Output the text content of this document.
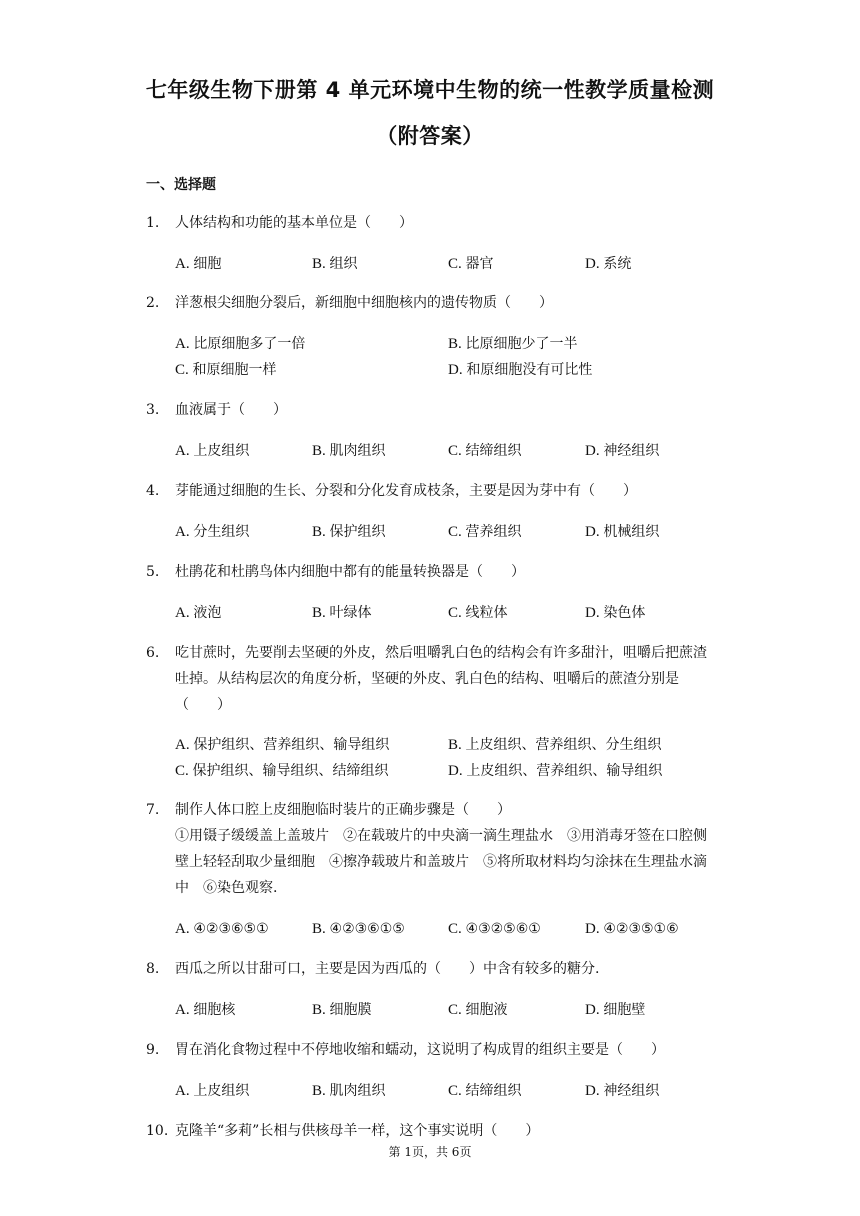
七年级生物下册第 4 单元环境中生物的统一性教学质量检测
（附答案）
一、选择题
1. 人体结构和功能的基本单位是（　　）
A. 细胞	B. 组织	C. 器官	D. 系统
2. 洋葱根尖细胞分裂后，新细胞中细胞核内的遗传物质（　　）
A. 比原细胞多了一倍	B. 比原细胞少了一半
C. 和原细胞一样	D. 和原细胞没有可比性
3. 血液属于（　　）
A. 上皮组织	B. 肌肉组织	C. 结缔组织	D. 神经组织
4. 芽能通过细胞的生长、分裂和分化发育成枝条，主要是因为芽中有（　　）
A. 分生组织	B. 保护组织	C. 营养组织	D. 机械组织
5. 杜鹃花和杜鹃鸟体内细胞中都有的能量转换器是（　　）
A. 液泡	B. 叶绿体	C. 线粒体	D. 染色体
6. 吃甘蔗时，先要削去坚硬的外皮，然后咀嚼乳白色的结构会有许多甜汁，咀嚼后把蔗渣吐掉。从结构层次的角度分析，坚硬的外皮、乳白色的结构、咀嚼后的蔗渣分别是（　　）
A. 保护组织、营养组织、输导组织	B. 上皮组织、营养组织、分生组织
C. 保护组织、输导组织、结缔组织	D. 上皮组织、营养组织、输导组织
7. 制作人体口腔上皮细胞临时装片的正确步骤是（　　）
①用镊子缓缓盖上盖玻片　②在载玻片的中央滴一滴生理盐水　③用消毒牙签在口腔侧壁上轻轻刮取少量细胞　④擦净载玻片和盖玻片　⑤将所取材料均匀涂抹在生理盐水滴中　⑥染色观察.
A. ④②③⑥⑤①	B. ④②③⑥①⑤	C. ④③②⑤⑥①	D. ④②③⑤①⑥
8. 西瓜之所以甘甜可口，主要是因为西瓜的（　　）中含有较多的糖分.
A. 细胞核	B. 细胞膜	C. 细胞液	D. 细胞壁
9. 胃在消化食物过程中不停地收缩和蠕动，这说明了构成胃的组织主要是（　　）
A. 上皮组织	B. 肌肉组织	C. 结缔组织	D. 神经组织
10. 克隆羊“多莉”长相与供核母羊一样，这个事实说明（　　）
第 1页，共 6页
